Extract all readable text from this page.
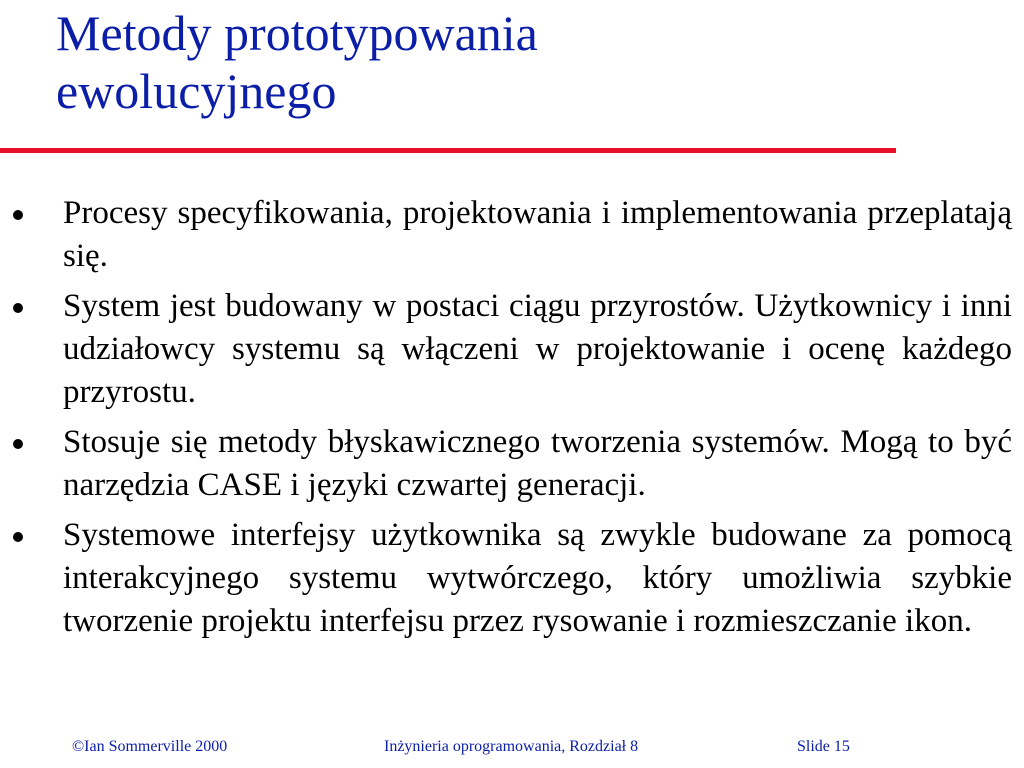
Metody prototypowania
ewolucyjnego
Procesy specyfikowania, projektowania i implementowania przeplatają się.
System jest budowany w postaci ciągu przyrostów. Użytkownicy i inni udziałowcy systemu są włączeni w projektowanie i ocenę każdego przyrostu.
Stosuje się metody błyskawicznego tworzenia systemów. Mogą to być narzędzia CASE i języki czwartej generacji.
Systemowe interfejsy użytkownika są zwykle budowane za pomocą interakcyjnego systemu wytwórczego, który umożliwia szybkie tworzenie projektu interfejsu przez rysowanie i rozmieszczanie ikon.
©Ian Sommerville 2000	Inżynieria oprogramowania, Rozdział 8	Slide 15
